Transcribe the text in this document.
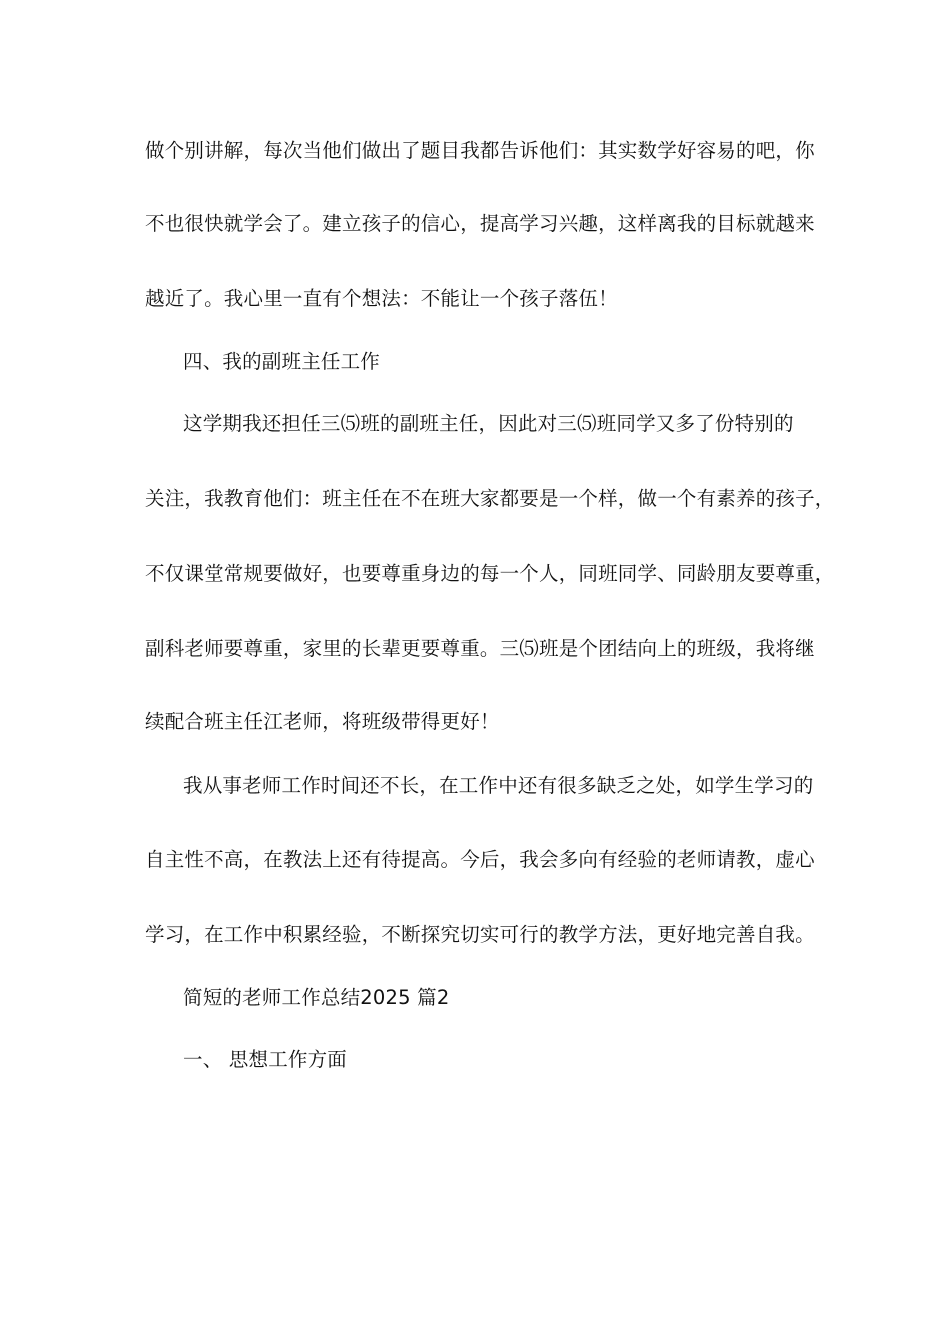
做个别讲解，每次当他们做出了题目我都告诉他们：其实数学好容易的吧，你
不也很快就学会了。建立孩子的信心，提高学习兴趣，这样离我的目标就越来
越近了。我心里一直有个想法：不能让一个孩子落伍！
四、我的副班主任工作
这学期我还担任三⑸班的副班主任，因此对三⑸班同学又多了份特别的
关注，我教育他们：班主任在不在班大家都要是一个样，做一个有素养的孩子，
不仅课堂常规要做好，也要尊重身边的每一个人，同班同学、同龄朋友要尊重，
副科老师要尊重，家里的长辈更要尊重。三⑸班是个团结向上的班级，我将继
续配合班主任江老师，将班级带得更好！
我从事老师工作时间还不长，在工作中还有很多缺乏之处，如学生学习的
自主性不高，在教法上还有待提高。今后，我会多向有经验的老师请教，虚心
学习，在工作中积累经验，不断探究切实可行的教学方法，更好地完善自我。
简短的老师工作总结2025 篇2
一、 思想工作方面
